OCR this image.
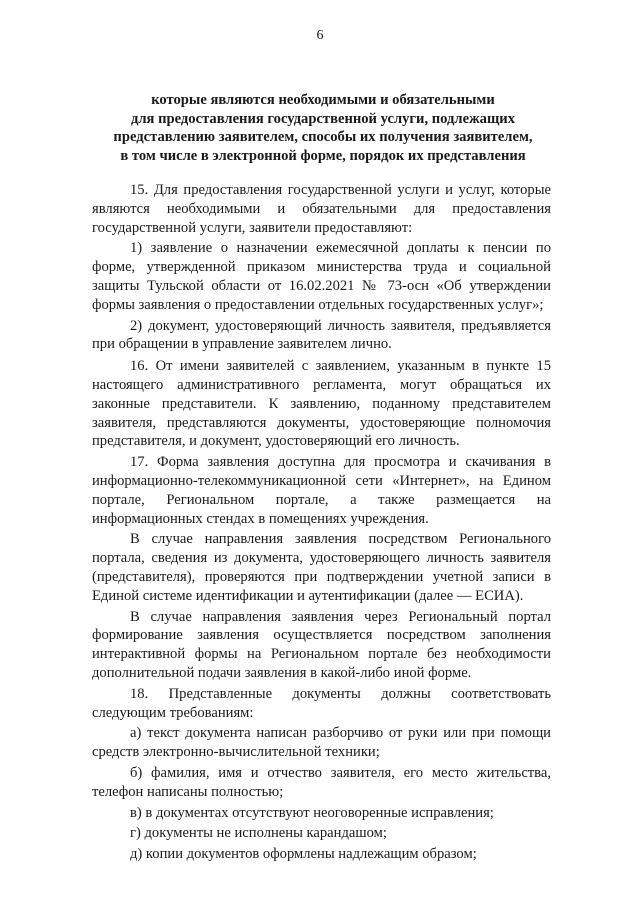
6
которые являются необходимыми и обязательными
для предоставления государственной услуги, подлежащих
представлению заявителем, способы их получения заявителем,
в том числе в электронной форме, порядок их представления

15. Для предоставления государственной услуги и услуг, которые являются необходимыми и обязательными для предоставления государственной услуги, заявители предоставляют:

1) заявление о назначении ежемесячной доплаты к пенсии по форме, утвержденной приказом министерства труда и социальной защиты Тульской области от 16.02.2021 № 73-осн «Об утверждении формы заявления о предоставлении отдельных государственных услуг»;

2) документ, удостоверяющий личность заявителя, предъявляется при обращении в управление заявителем лично.

16. От имени заявителей с заявлением, указанным в пункте 15 настоящего административного регламента, могут обращаться их законные представители. К заявлению, поданному представителем заявителя, представляются документы, удостоверяющие полномочия представителя, и документ, удостоверяющий его личность.

17. Форма заявления доступна для просмотра и скачивания в информационно-телекоммуникационной сети «Интернет», на Едином портале, Региональном портале, а также размещается на информационных стендах в помещениях учреждения.

В случае направления заявления посредством Регионального портала, сведения из документа, удостоверяющего личность заявителя (представителя), проверяются при подтверждении учетной записи в Единой системе идентификации и аутентификации (далее — ЕСИА).

В случае направления заявления через Региональный портал формирование заявления осуществляется посредством заполнения интерактивной формы на Региональном портале без необходимости дополнительной подачи заявления в какой-либо иной форме.

18. Представленные документы должны соответствовать следующим требованиям:

а) текст документа написан разборчиво от руки или при помощи средств электронно-вычислительной техники;

б) фамилия, имя и отчество заявителя, его место жительства, телефон написаны полностью;

в) в документах отсутствуют неоговоренные исправления;

г) документы не исполнены карандашом;

д) копии документов оформлены надлежащим образом;
